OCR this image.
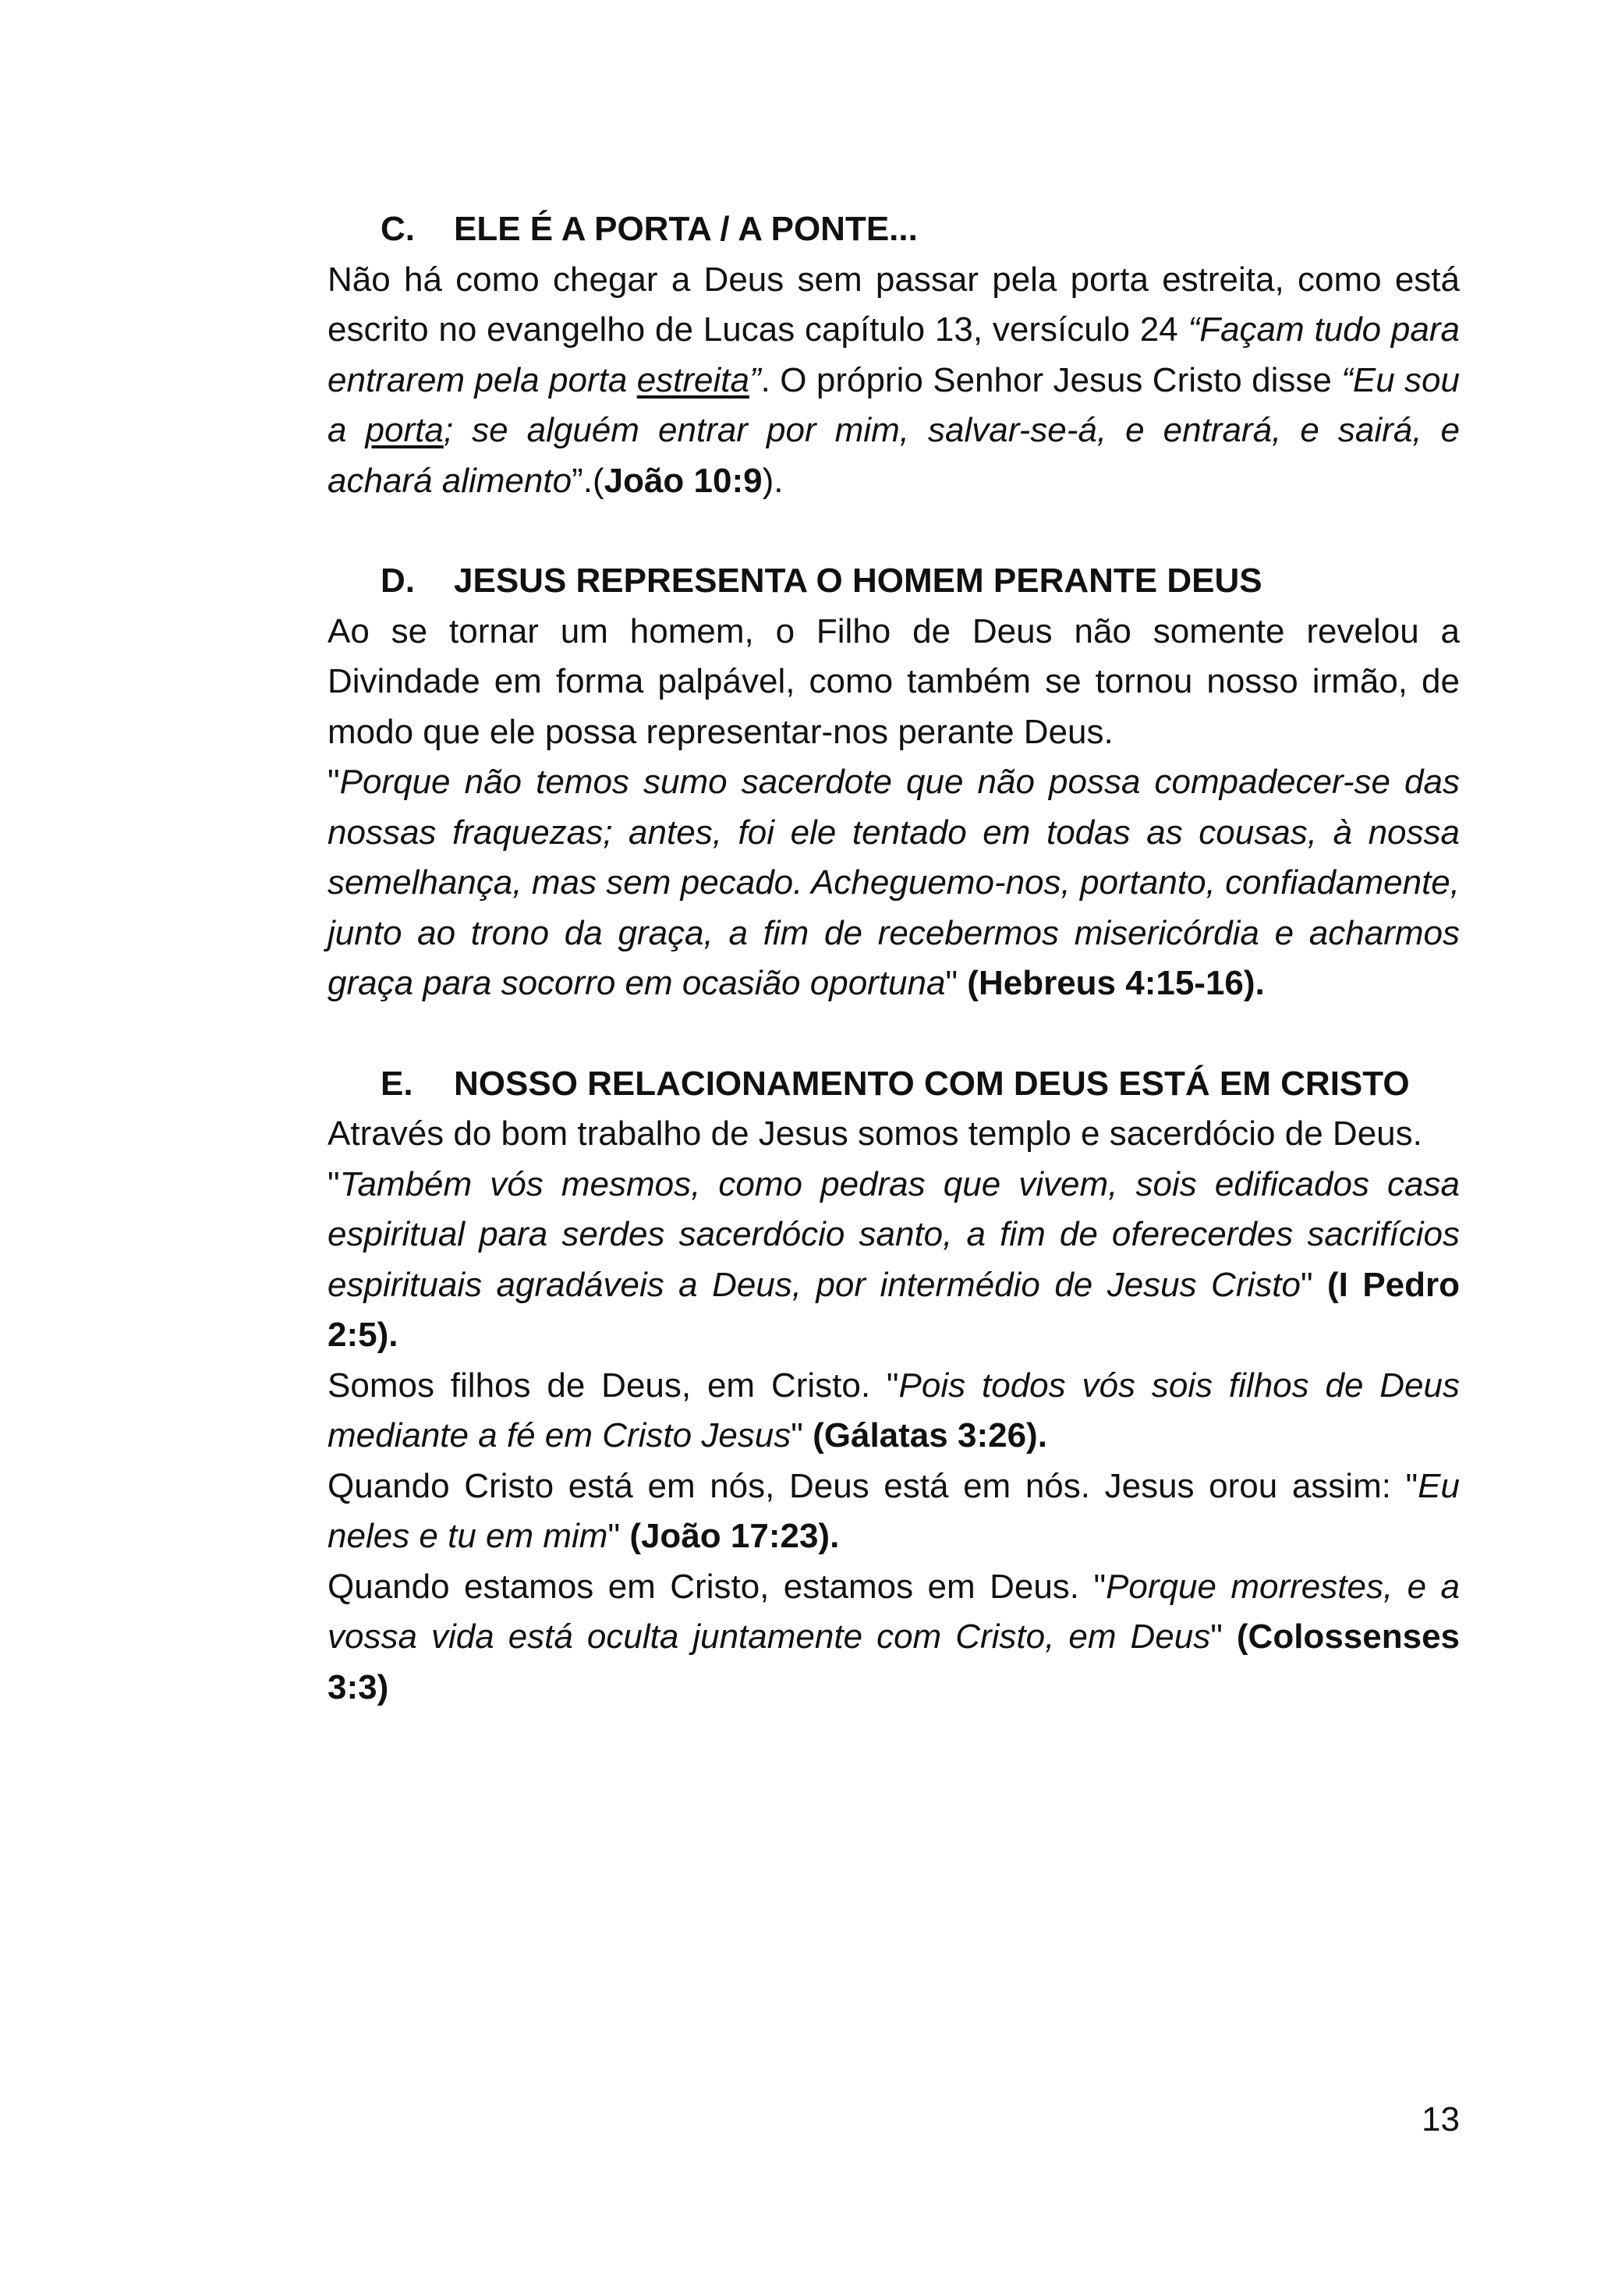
C. ELE É A PORTA / A PONTE...

Não há como chegar a Deus sem passar pela porta estreita, como está escrito no evangelho de Lucas capítulo 13, versículo 24 “Façam tudo para entrarem pela porta estreita”. O próprio Senhor Jesus Cristo disse “Eu sou a porta; se alguém entrar por mim, salvar-se-á, e entrará, e sairá, e achará alimento”.(João 10:9).

D. JESUS REPRESENTA O HOMEM PERANTE DEUS

Ao se tornar um homem, o Filho de Deus não somente revelou a Divindade em forma palpável, como também se tornou nosso irmão, de modo que ele possa representar-nos perante Deus.

"Porque não temos sumo sacerdote que não possa compadecer-se das nossas fraquezas; antes, foi ele tentado em todas as cousas, à nossa semelhança, mas sem pecado. Acheguemo-nos, portanto, confiadamente, junto ao trono da graça, a fim de recebermos misericórdia e acharmos graça para socorro em ocasião oportuna" (Hebreus 4:15-16).

E. NOSSO RELACIONAMENTO COM DEUS ESTÁ EM CRISTO

Através do bom trabalho de Jesus somos templo e sacerdócio de Deus.

"Também vós mesmos, como pedras que vivem, sois edificados casa espiritual para serdes sacerdócio santo, a fim de oferecerdes sacrifícios espirituais agradáveis a Deus, por intermédio de Jesus Cristo" (I Pedro 2:5).

Somos filhos de Deus, em Cristo. "Pois todos vós sois filhos de Deus mediante a fé em Cristo Jesus" (Gálatas 3:26).

Quando Cristo está em nós, Deus está em nós. Jesus orou assim: "Eu neles e tu em mim" (João 17:23).

Quando estamos em Cristo, estamos em Deus. "Porque morrestes, e a vossa vida está oculta juntamente com Cristo, em Deus" (Colossenses 3:3)

13
